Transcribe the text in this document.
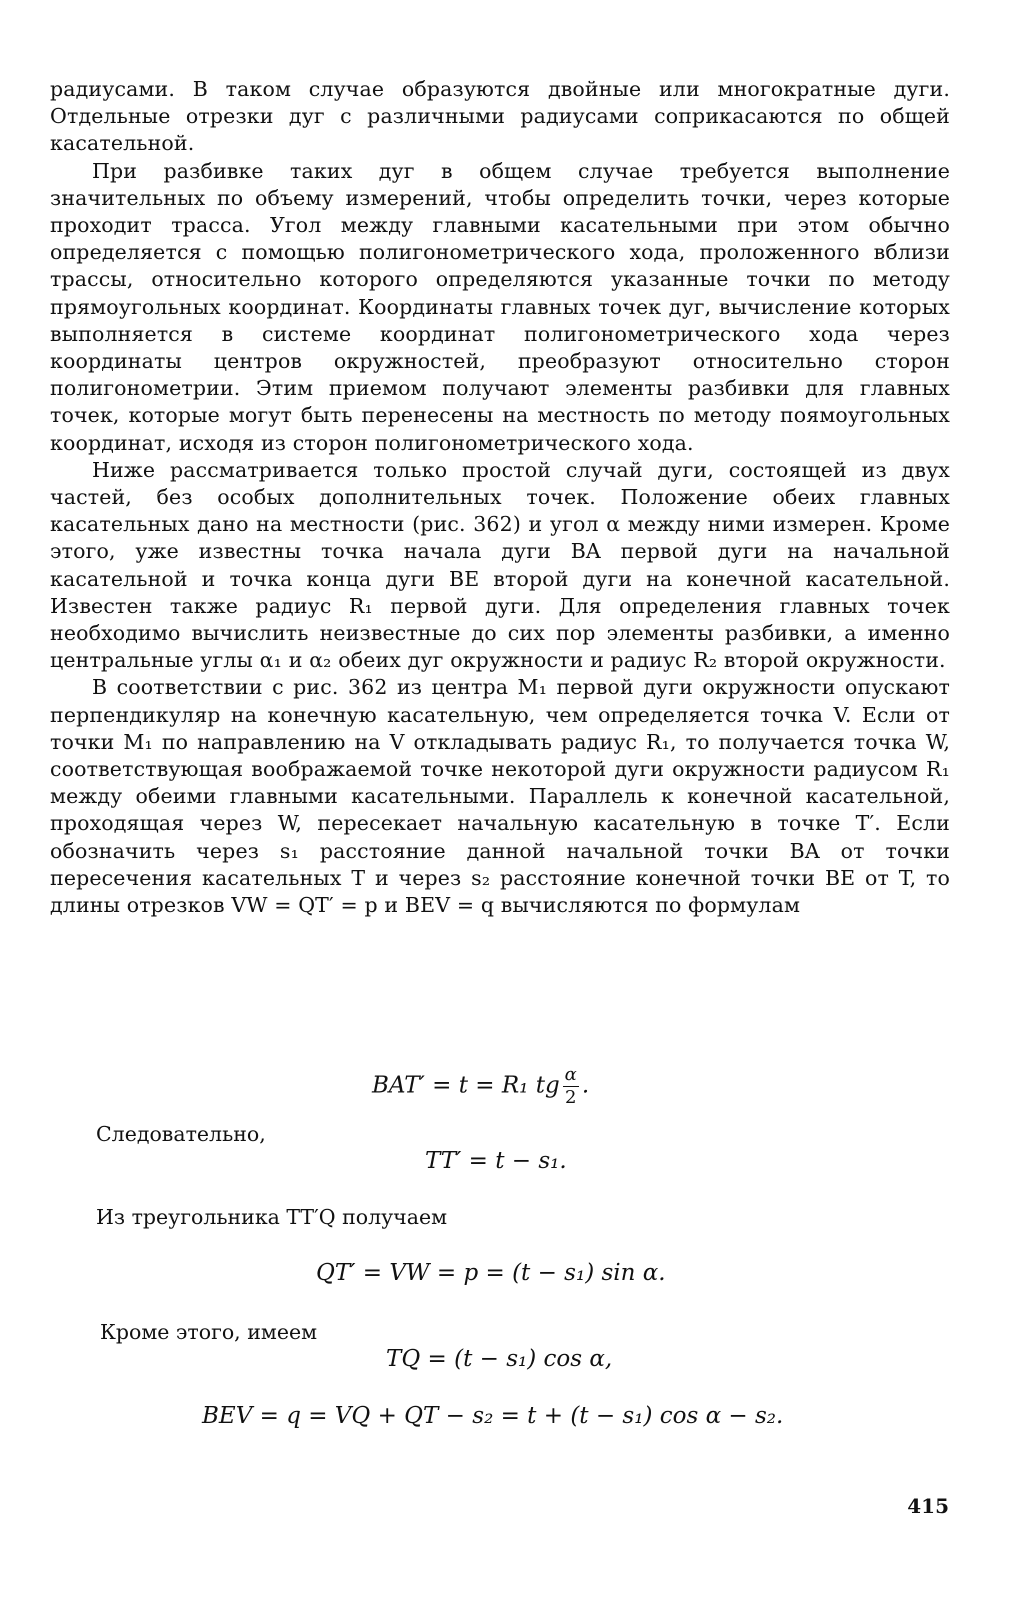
радиусами. В таком случае образуются двойные или многократные дуги. Отдельные отрезки дуг с различными радиусами соприкасаются по общей касательной.

При разбивке таких дуг в общем случае требуется выполнение значительных по объему измерений, чтобы определить точки, через которые проходит трасса. Угол между главными касательными при этом обычно определяется с помощью полигонометрического хода, проложенного вблизи трассы, относительно которого определяются указанные точки по методу прямоугольных координат. Координаты главных точек дуг, вычисление которых выполняется в системе координат полигонометрического хода через координаты центров окружностей, преобразуют относительно сторон полигонометрии. Этим приемом получают элементы разбивки для главных точек, которые могут быть перенесены на местность по методу поямоугольных координат, исходя из сторон полигонометрического хода.

Ниже рассматривается только простой случай дуги, состоящей из двух частей, без особых дополнительных точек. Положение обеих главных касательных дано на местности (рис. 362) и угол α между ними измерен. Кроме этого, уже известны точка начала дуги BA первой дуги на начальной касательной и точка конца дуги BE второй дуги на конечной касательной. Известен также радиус R₁ первой дуги. Для определения главных точек необходимо вычислить неизвестные до сих пор элементы разбивки, а именно центральные углы α₁ и α₂ обеих дуг окружности и радиус R₂ второй окружности.

В соответствии с рис. 362 из центра M₁ первой дуги окружности опускают перпендикуляр на конечную касательную, чем определяется точка V. Если от точки M₁ по направлению на V откладывать радиус R₁, то получается точка W, соответствующая воображаемой точке некоторой дуги окружности радиусом R₁ между обеими главными касательными. Параллель к конечной касательной, проходящая через W, пересекает начальную касательную в точке T′. Если обозначить через s₁ расстояние данной начальной точки BA от точки пересечения касательных T и через s₂ расстояние конечной точки BE от T, то длины отрезков VW = QT′ = p и BEV = q вычисляются по формулам

BAT′ = t = R₁ tg $\frac{\alpha}{2}$ .
Следовательно,
TT′ = t − s₁.
Из треугольника TT′Q получаем
QT′ = VW = p = (t − s₁) sin α.
Кроме этого, имеем
TQ = (t − s₁) cos α,
BEV = q = VQ + QT − s₂ = t + (t − s₁) cos α − s₂.
415
